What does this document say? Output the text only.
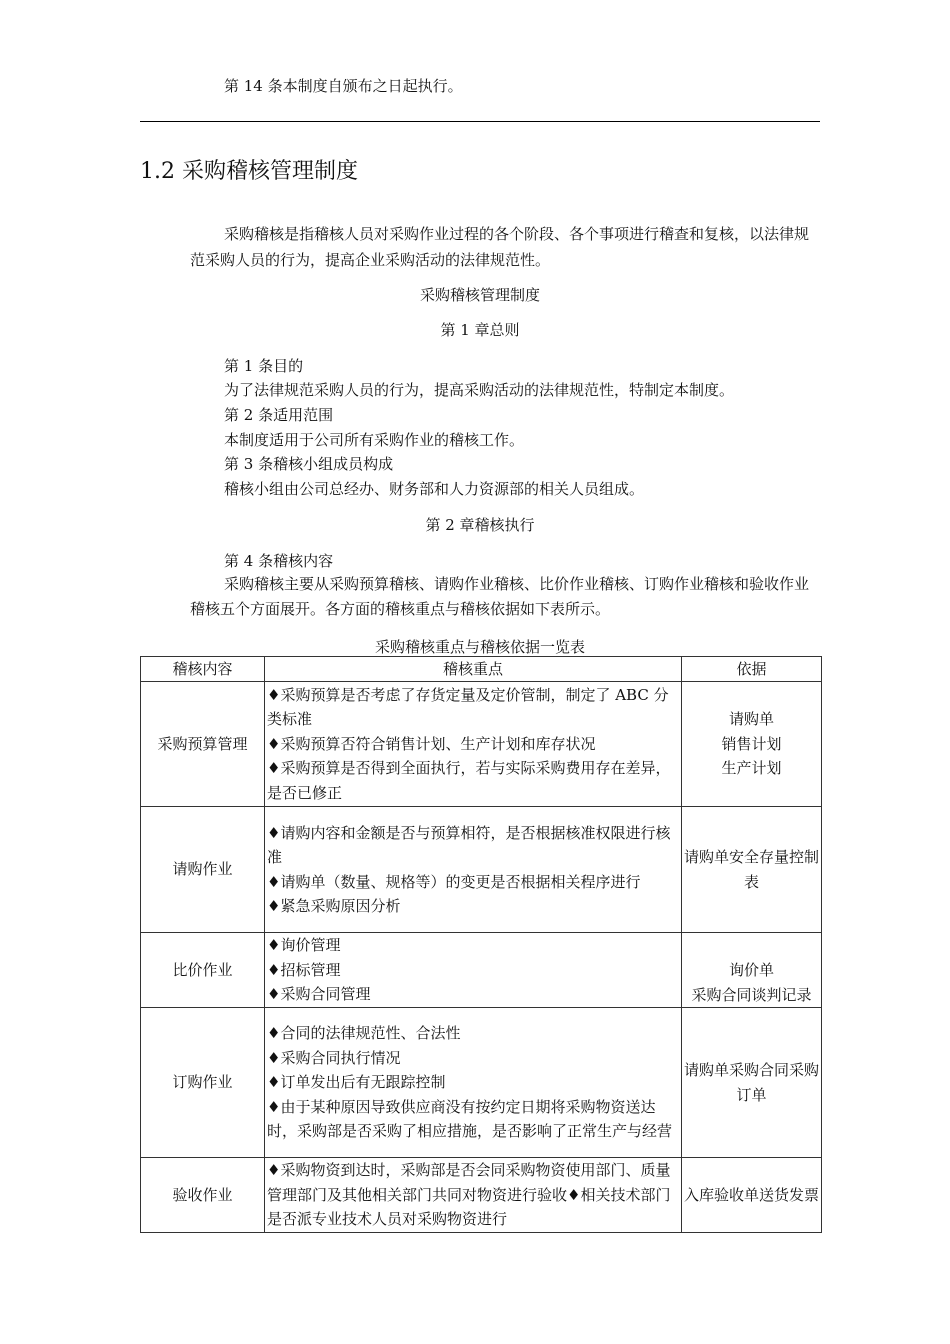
第 14 条本制度自颁布之日起执行。
1.2 采购稽核管理制度
采购稽核是指稽核人员对采购作业过程的各个阶段、各个事项进行稽查和复核，以法律规范采购人员的行为，提高企业采购活动的法律规范性。
采购稽核管理制度
第 1 章总则
第 1 条目的
为了法律规范采购人员的行为，提高采购活动的法律规范性，特制定本制度。
第 2 条适用范围
本制度适用于公司所有采购作业的稽核工作。
第 3 条稽核小组成员构成
稽核小组由公司总经办、财务部和人力资源部的相关人员组成。
第 2 章稽核执行
第 4 条稽核内容
采购稽核主要从采购预算稽核、请购作业稽核、比价作业稽核、订购作业稽核和验收作业稽核五个方面展开。各方面的稽核重点与稽核依据如下表所示。
采购稽核重点与稽核依据一览表
稽核内容	稽核重点	依据
采购预算管理	♦采购预算是否考虑了存货定量及定价管制，制定了 ABC 分类标准
♦采购预算否符合销售计划、生产计划和库存状况
♦采购预算是否得到全面执行，若与实际采购费用存在差异，是否已修正	请购单
销售计划
生产计划

请购作业	♦请购内容和金额是否与预算相符，是否根据核准权限进行核准
♦请购单（数量、规格等）的变更是否根据相关程序进行
♦紧急采购原因分析	请购单安全存量控制表

比价作业	♦询价管理
♦招标管理
♦采购合同管理	询价单
采购合同谈判记录

订购作业	♦合同的法律规范性、合法性
♦采购合同执行情况
♦订单发出后有无跟踪控制
♦由于某种原因导致供应商没有按约定日期将采购物资送达时，采购部是否采购了相应措施，是否影响了正常生产与经营	请购单采购合同采购订单

验收作业	♦采购物资到达时，采购部是否会同采购物资使用部门、质量管理部门及其他相关部门共同对物资进行验收♦相关技术部门是否派专业技术人员对采购物资进行	入库验收单送货发票
